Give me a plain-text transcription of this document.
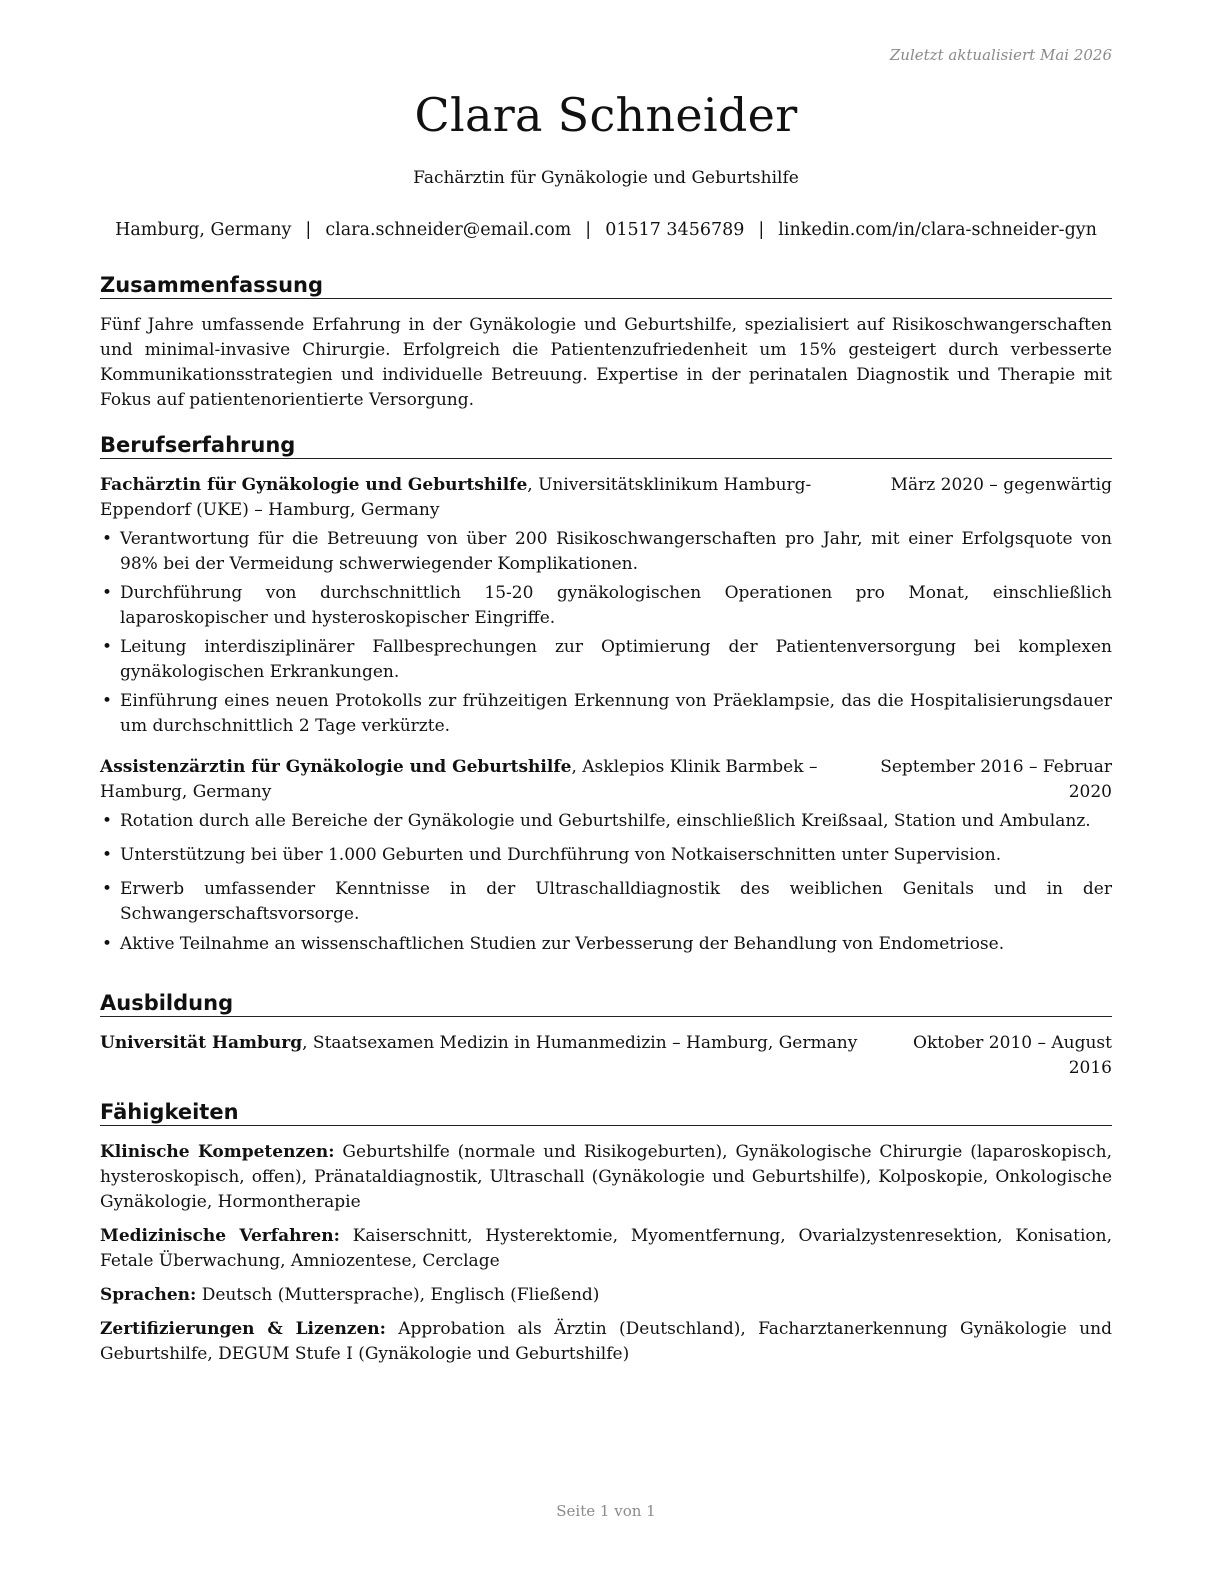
Zuletzt aktualisiert Mai 2026
Clara Schneider
Fachärztin für Gynäkologie und Geburtshilfe
Hamburg, Germany | clara.schneider@email.com | 01517 3456789 | linkedin.com/in/clara-schneider-gyn
Zusammenfassung

Fünf Jahre umfassende Erfahrung in der Gynäkologie und Geburtshilfe, spezialisiert auf Risikoschwangerschaften und minimal-invasive Chirurgie. Erfolgreich die Patientenzufriedenheit um 15% gesteigert durch verbesserte Kommunikationsstrategien und individuelle Betreuung. Expertise in der perinatalen Diagnostik und Therapie mit Fokus auf patientenorientierte Versorgung.

Berufserfahrung
Fachärztin für Gynäkologie und Geburtshilfe, Universitätsklinikum Hamburg-Eppendorf (UKE) – Hamburg, Germany
März 2020 – gegenwärtig
• Verantwortung für die Betreuung von über 200 Risikoschwangerschaften pro Jahr, mit einer Erfolgsquote von 98% bei der Vermeidung schwerwiegender Komplikationen.
• Durchführung von durchschnittlich 15-20 gynäkologischen Operationen pro Monat, einschließlich laparoskopischer und hysteroskopischer Eingriffe.
• Leitung interdisziplinärer Fallbesprechungen zur Optimierung der Patientenversorgung bei komplexen gynäkologischen Erkrankungen.
• Einführung eines neuen Protokolls zur frühzeitigen Erkennung von Präeklampsie, das die Hospitalisierungsdauer um durchschnittlich 2 Tage verkürzte.
Assistenzärztin für Gynäkologie und Geburtshilfe, Asklepios Klinik Barmbek – Hamburg, Germany
September 2016 – Februar 2020
• Rotation durch alle Bereiche der Gynäkologie und Geburtshilfe, einschließlich Kreißsaal, Station und Ambulanz.
• Unterstützung bei über 1.000 Geburten und Durchführung von Notkaiserschnitten unter Supervision.
• Erwerb umfassender Kenntnisse in der Ultraschalldiagnostik des weiblichen Genitals und in der Schwangerschaftsvorsorge.
• Aktive Teilnahme an wissenschaftlichen Studien zur Verbesserung der Behandlung von Endometriose.
Ausbildung
Universität Hamburg, Staatsexamen Medizin in Humanmedizin – Hamburg, Germany	Oktober 2010 – August 2016
Fähigkeiten

Klinische Kompetenzen: Geburtshilfe (normale und Risikogeburten), Gynäkologische Chirurgie (laparoskopisch, hysteroskopisch, offen), Pränataldiagnostik, Ultraschall (Gynäkologie und Geburtshilfe), Kolposkopie, Onkologische Gynäkologie, Hormontherapie

Medizinische Verfahren: Kaiserschnitt, Hysterektomie, Myomentfernung, Ovarialzystenresektion, Konisation, Fetale Überwachung, Amniozentese, Cerclage

Sprachen: Deutsch (Muttersprache), Englisch (Fließend)

Zertifizierungen & Lizenzen: Approbation als Ärztin (Deutschland), Facharztanerkennung Gynäkologie und Geburtshilfe, DEGUM Stufe I (Gynäkologie und Geburtshilfe)

Seite 1 von 1
